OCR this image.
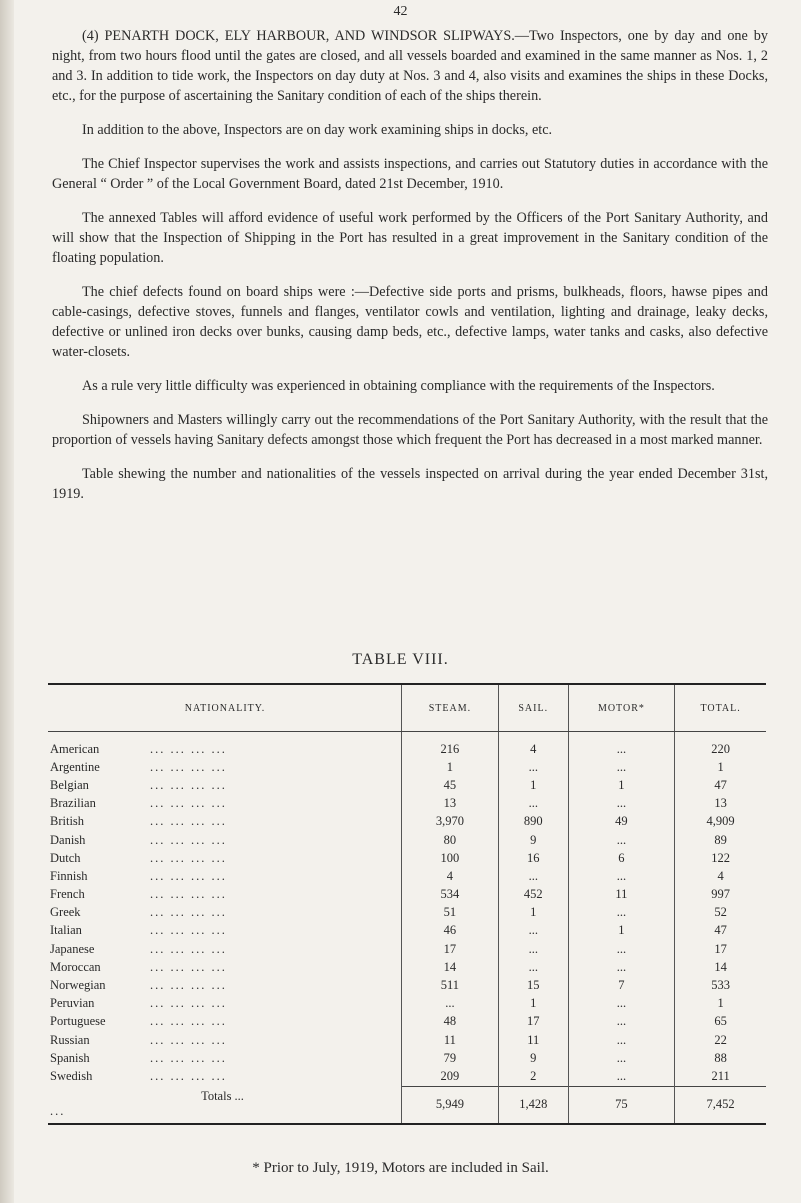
42

(4) PENARTH DOCK, ELY HARBOUR, AND WINDSOR SLIPWAYS.—Two Inspectors, one by day and one by night, from two hours flood until the gates are closed, and all vessels boarded and examined in the same manner as Nos. 1, 2 and 3. In addition to tide work, the Inspectors on day duty at Nos. 3 and 4, also visits and examines the ships in these Docks, etc., for the purpose of ascertaining the Sanitary condition of each of the ships therein.

In addition to the above, Inspectors are on day work examining ships in docks, etc.

The Chief Inspector supervises the work and assists inspections, and carries out Statutory duties in accordance with the General “ Order ” of the Local Government Board, dated 21st December, 1910.

The annexed Tables will afford evidence of useful work performed by the Officers of the Port Sanitary Authority, and will show that the Inspection of Shipping in the Port has resulted in a great improvement in the Sanitary condition of the floating population.

The chief defects found on board ships were :—Defective side ports and prisms, bulkheads, floors, hawse pipes and cable-casings, defective stoves, funnels and flanges, ventilator cowls and ventilation, lighting and drainage, leaky decks, defective or unlined iron decks over bunks, causing damp beds, etc., defective lamps, water tanks and casks, also defective water-closets.

As a rule very little difficulty was experienced in obtaining compliance with the requirements of the Inspectors.

Shipowners and Masters willingly carry out the recommendations of the Port Sanitary Authority, with the result that the proportion of vessels having Sanitary defects amongst those which frequent the Port has decreased in a most marked manner.

Table shewing the number and nationalities of the vessels inspected on arrival during the year ended December 31st, 1919.

TABLE VIII.
NATIONALITY.	STEAM.	SAIL.	MOTOR*	TOTAL.

American ... ... ... ...	216	4	...	220
Argentine ... ... ... ...	1	...	...	1
Belgian ... ... ... ...	45	1	1	47
Brazilian ... ... ... ...	13	...	...	13
British ... ... ... ...	3,970	890	49	4,909
Danish ... ... ... ...	80	9	...	89
Dutch ... ... ... ...	100	16	6	122
Finnish ... ... ... ...	4	...	...	4
French ... ... ... ...	534	452	11	997
Greek ... ... ... ...	51	1	...	52
Italian ... ... ... ...	46	...	1	47
Japanese ... ... ... ...	17	...	...	17
Moroccan ... ... ... ...	14	...	...	14
Norwegian ... ... ... ...	511	15	7	533
Peruvian ... ... ... ...	...	1	...	1
Portuguese ... ... ... ...	48	17	...	65
Russian ... ... ... ...	11	11	...	22
Spanish ... ... ... ...	79	9	...	88
Swedish ... ... ... ...	209	2	...	211
Totals ... ...	5,949	1,428	75	7,452
* Prior to July, 1919, Motors are included in Sail.
